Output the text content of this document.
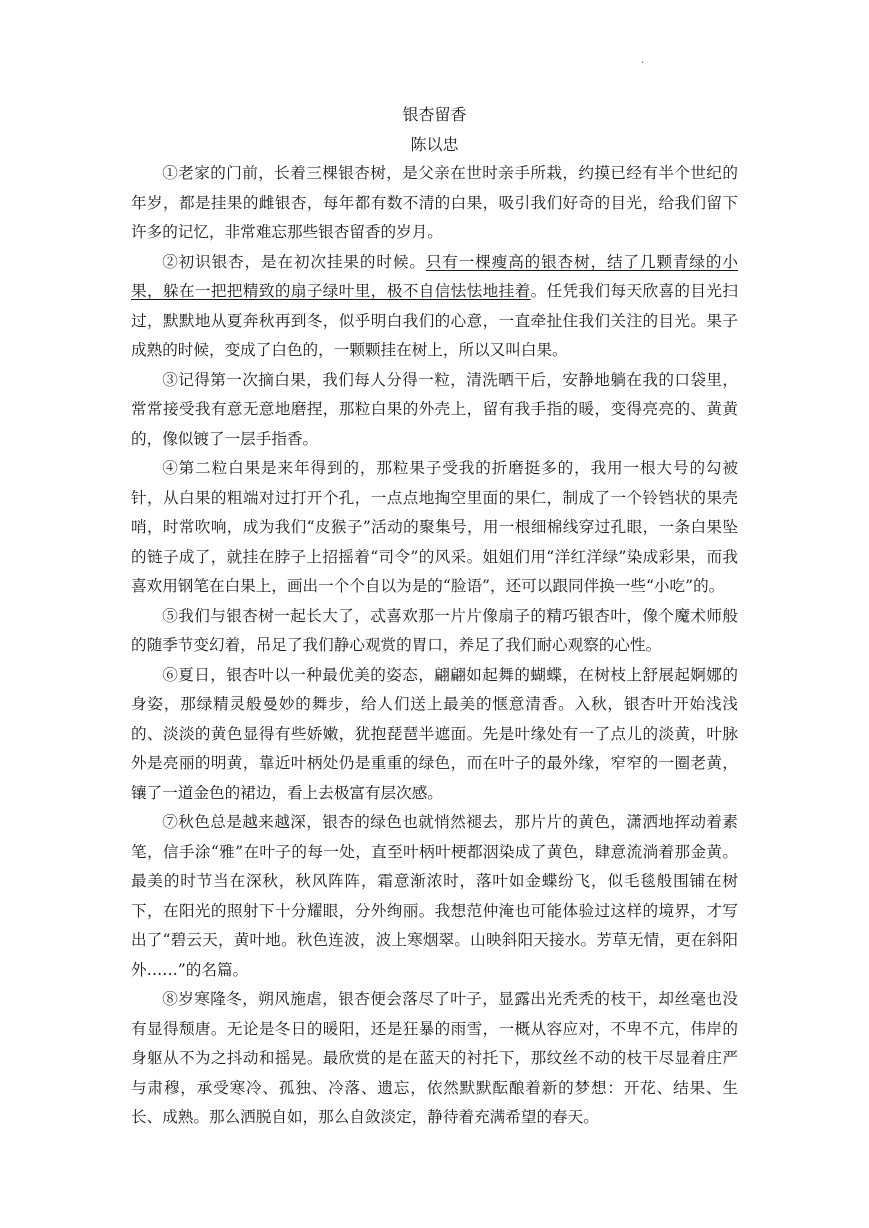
.
银杏留香
陈以忠

①老家的门前，长着三棵银杏树，是父亲在世时亲手所栽，约摸已经有半个世纪的年岁，都是挂果的雌银杏，每年都有数不清的白果，吸引我们好奇的目光，给我们留下许多的记忆，非常难忘那些银杏留香的岁月。

②初识银杏，是在初次挂果的时候。只有一棵瘦高的银杏树，结了几颗青绿的小果，躲在一把把精致的扇子绿叶里，极不自信怯怯地挂着。任凭我们每天欣喜的目光扫过，默默地从夏奔秋再到冬，似乎明白我们的心意，一直牵扯住我们关注的目光。果子成熟的时候，变成了白色的，一颗颗挂在树上，所以又叫白果。

③记得第一次摘白果，我们每人分得一粒，清洗晒干后，安静地躺在我的口袋里，常常接受我有意无意地磨捏，那粒白果的外壳上，留有我手指的暖，变得亮亮的、黄黄的，像似镀了一层手指香。

④第二粒白果是来年得到的，那粒果子受我的折磨挺多的，我用一根大号的勾被针，从白果的粗端对过打开个孔，一点点地掏空里面的果仁，制成了一个铃铛状的果壳哨，时常吹响，成为我们“皮猴子”活动的聚集号，用一根细棉线穿过孔眼，一条白果坠的链子成了，就挂在脖子上招摇着“司令”的风采。姐姐们用“洋红洋绿”染成彩果，而我喜欢用钢笔在白果上，画出一个个自以为是的“脸语”，还可以跟同伴换一些“小吃”的。

⑤我们与银杏树一起长大了，忒喜欢那一片片像扇子的精巧银杏叶，像个魔术师般的随季节变幻着，吊足了我们静心观赏的胃口，养足了我们耐心观察的心性。

⑥夏日，银杏叶以一种最优美的姿态，翩翩如起舞的蝴蝶，在树枝上舒展起婀娜的身姿，那绿精灵般曼妙的舞步，给人们送上最美的惬意清香。入秋，银杏叶开始浅浅的、淡淡的黄色显得有些娇嫩，犹抱琵琶半遮面。先是叶缘处有一了点儿的淡黄，叶脉外是亮丽的明黄，靠近叶柄处仍是重重的绿色，而在叶子的最外缘，窄窄的一圈老黄，镶了一道金色的裙边，看上去极富有层次感。

⑦秋色总是越来越深，银杏的绿色也就悄然褪去，那片片的黄色，潇洒地挥动着素笔，信手涂“雅”在叶子的每一处，直至叶柄叶梗都洇染成了黄色，肆意流淌着那金黄。最美的时节当在深秋，秋风阵阵，霜意渐浓时，落叶如金蝶纷飞，似毛毯般围铺在树下，在阳光的照射下十分耀眼，分外绚丽。我想范仲淹也可能体验过这样的境界，才写出了“碧云天，黄叶地。秋色连波，波上寒烟翠。山映斜阳天接水。芳草无情，更在斜阳外……”的名篇。

⑧岁寒隆冬，朔风施虐，银杏便会落尽了叶子，显露出光秃秃的枝干，却丝毫也没有显得颓唐。无论是冬日的暖阳，还是狂暴的雨雪，一概从容应对，不卑不亢，伟岸的身躯从不为之抖动和摇晃。最欣赏的是在蓝天的衬托下，那纹丝不动的枝干尽显着庄严与肃穆，承受寒冷、孤独、冷落、遗忘，依然默默酝酿着新的梦想：开花、结果、生长、成熟。那么洒脱自如，那么自敛淡定，静待着充满希望的春天。
